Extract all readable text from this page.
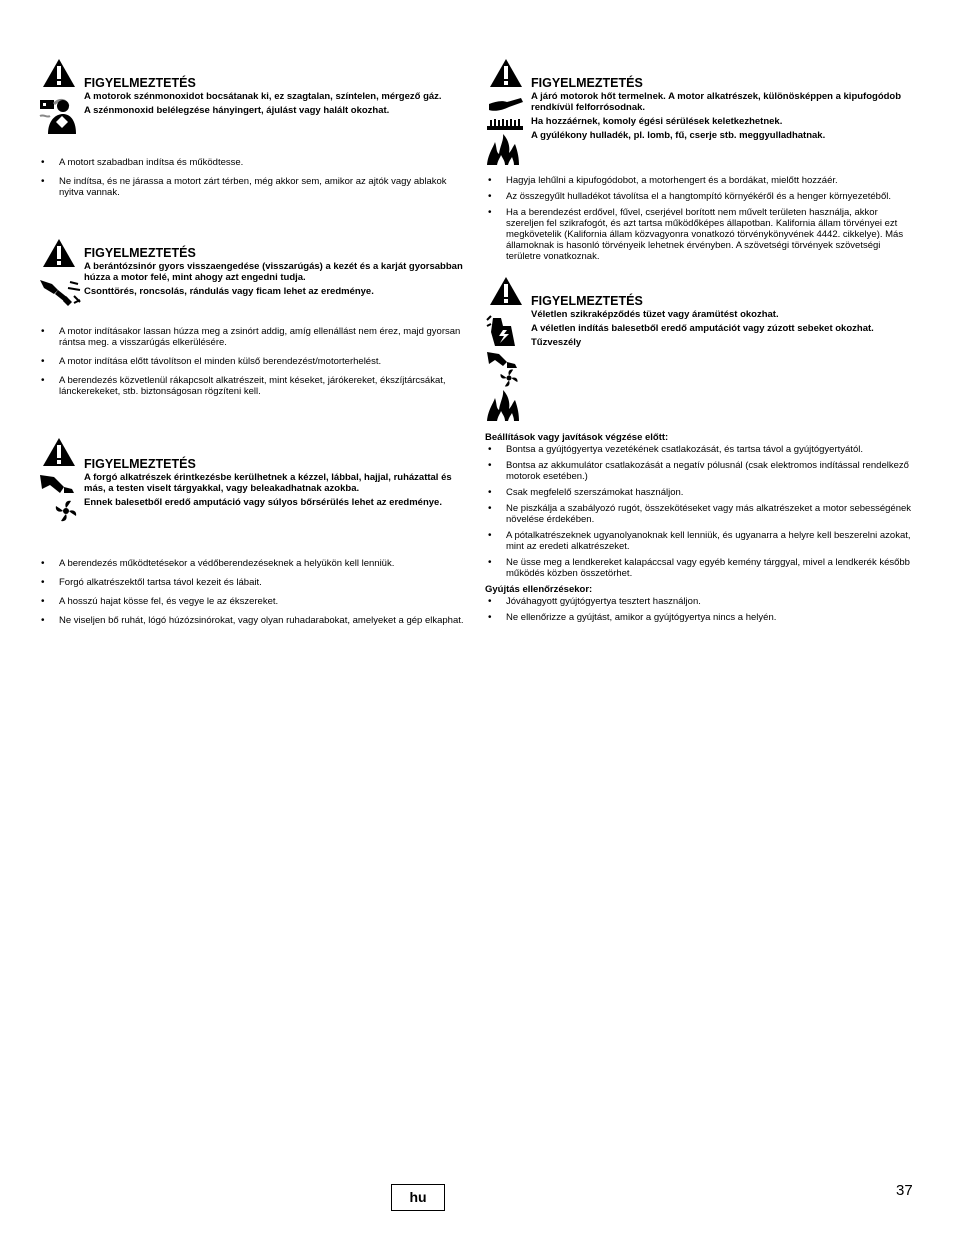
FIGYELMEZTETÉS
A motorok szénmonoxidot bocsátanak ki, ez szagtalan, színtelen, mérgező gáz.
A szénmonoxid belélegzése hányingert, ájulást vagy halált okozhat.
• A motort szabadban indítsa és működtesse.
• Ne indítsa, és ne járassa a motort zárt térben, még akkor sem, amikor az ajtók vagy ablakok nyitva vannak.
FIGYELMEZTETÉS
A berántózsinór gyors visszaengedése (visszarúgás) a kezét és a karját gyorsabban húzza a motor felé, mint ahogy azt engedni tudja.
Csonttörés, roncsolás, rándulás vagy ficam lehet az eredménye.
• A motor indításakor lassan húzza meg a zsinórt addig, amíg ellenállást nem érez, majd gyorsan rántsa meg. a visszarúgás elkerülésére.
• A motor indítása előtt távolítson el minden külső berendezést/motorterhelést.
• A berendezés közvetlenül rákapcsolt alkatrészeit, mint késeket, járókereket, ékszíjtárcsákat, lánckerekeket, stb. biztonságosan rögzíteni kell.
FIGYELMEZTETÉS
A forgó alkatrészek érintkezésbe kerülhetnek a kézzel, lábbal, hajjal, ruházattal és más, a testen viselt tárgyakkal, vagy beleakadhatnak azokba.
Ennek balesetből eredő amputáció vagy súlyos bőrsérülés lehet az eredménye.
• A berendezés működtetésekor a védőberendezéseknek a helyükön kell lenniük.
• Forgó alkatrészektől tartsa távol kezeit és lábait.
• A hosszú hajat kösse fel, és vegye le az ékszereket.
• Ne viseljen bő ruhát, lógó húzózsinórokat, vagy olyan ruhadarabokat, amelyeket a gép elkaphat.
FIGYELMEZTETÉS
A járó motorok hőt termelnek. A motor alkatrészek, különösképpen a kipufogódob rendkívül felforrósodnak.
Ha hozzáérnek, komoly égési sérülések keletkezhetnek.
A gyúlékony hulladék, pl. lomb, fű, cserje stb. meggyulladhatnak.
• Hagyja lehűlni a kipufogódobot, a motorhengert és a bordákat, mielőtt hozzáér.
• Az összegyűlt hulladékot távolítsa el a hangtompító környékéről és a henger környezetéből.
• Ha a berendezést erdővel, fűvel, cserjével borított nem művelt területen használja, akkor szereljen fel szikrafogót, és azt tartsa működőképes állapotban. Kalifornia állam törvényei ezt megkövetelik (Kalifornia állam közvagyonra vonatkozó törvénykönyvének 4442. cikkelye). Más államoknak is hasonló törvényeik lehetnek érvényben. A szövetségi törvények szövetségi területre vonatkoznak.
FIGYELMEZTETÉS
Véletlen szikraképződés tüzet vagy áramütést okozhat.
A véletlen indítás balesetből eredő amputációt vagy zúzott sebeket okozhat.
Tűzveszély
Beállítások vagy javítások végzése előtt:
• Bontsa a gyújtógyertya vezetékének csatlakozását, és tartsa távol a gyújtógyertyától.
• Bontsa az akkumulátor csatlakozását a negatív pólusnál (csak elektromos indítással rendelkező motorok esetében.)
• Csak megfelelő szerszámokat használjon.
• Ne piszkálja a szabályozó rugót, összekötéseket vagy más alkatrészeket a motor sebességének növelése érdekében.
• A pótalkatrészeknek ugyanolyanoknak kell lenniük, és ugyanarra a helyre kell beszerelni azokat, mint az eredeti alkatrészeket.
• Ne üsse meg a lendkereket kalapáccsal vagy egyéb kemény tárggyal, mivel a lendkerék később működés közben összetörhet.
Gyújtás ellenőrzésekor:
• Jóváhagyott gyújtógyertya tesztert használjon.
• Ne ellenőrizze a gyújtást, amikor a gyújtógyertya nincs a helyén.
hu	37
